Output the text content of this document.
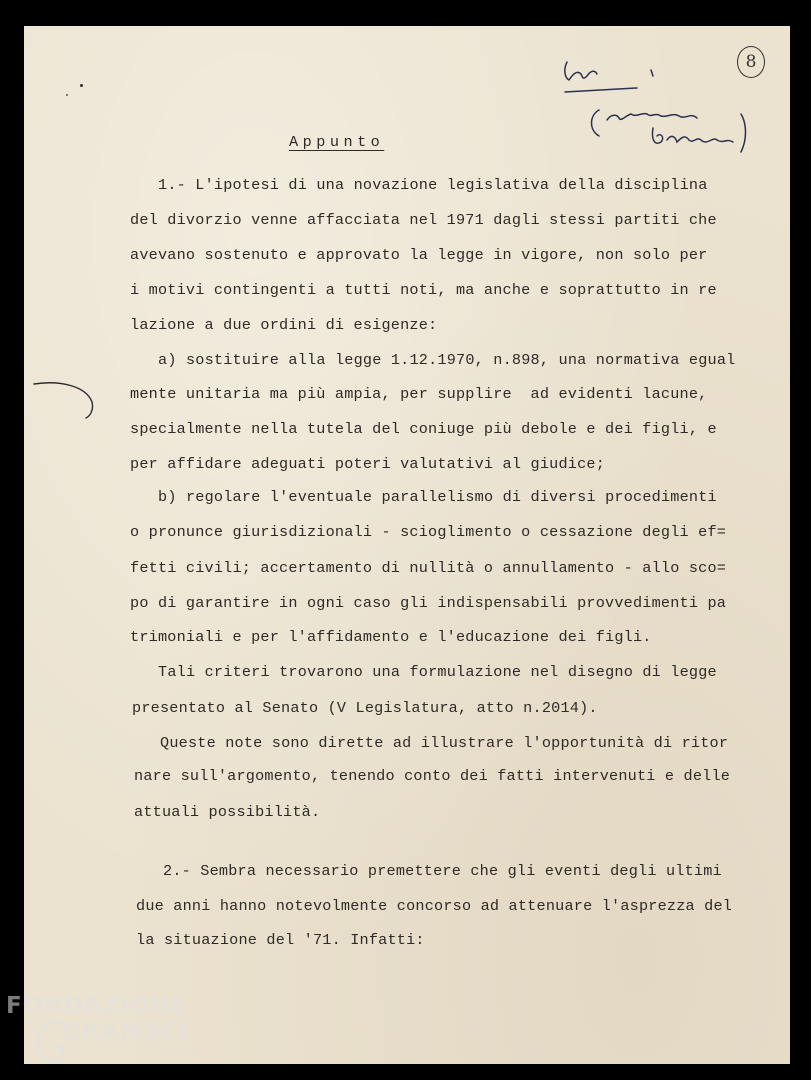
8
Appunto
1.- L'ipotesi di una novazione legislativa della disciplina
del divorzio venne affacciata nel 1971 dagli stessi partiti che
avevano sostenuto e approvato la legge in vigore, non solo per
i motivi contingenti a tutti noti, ma anche e soprattutto in re
lazione a due ordini di esigenze:
a) sostituire alla legge 1.12.1970, n.898, una normativa egual
mente unitaria ma più ampia, per supplire  ad evidenti lacune,
specialmente nella tutela del coniuge più debole e dei figli, e
per affidare adeguati poteri valutativi al giudice;
b) regolare l'eventuale parallelismo di diversi procedimenti
o pronunce giurisdizionali - scioglimento o cessazione degli ef=
fetti civili; accertamento di nullità o annullamento - allo sco=
po di garantire in ogni caso gli indispensabili provvedimenti pa
trimoniali e per l'affidamento e l'educazione dei figli.
Tali criteri trovarono una formulazione nel disegno di legge
presentato al Senato (V Legislatura, atto n.2014).
Queste note sono dirette ad illustrare l'opportunità di ritor
nare sull'argomento, tenendo conto dei fatti intervenuti e delle
attuali possibilità.
2.- Sembra necessario premettere che gli eventi degli ultimi
due anni hanno notevolmente concorso ad attenuare l'asprezza del
la situazione del '71. Infatti:
FONDAZIONE
GRAMSCI
onlus
